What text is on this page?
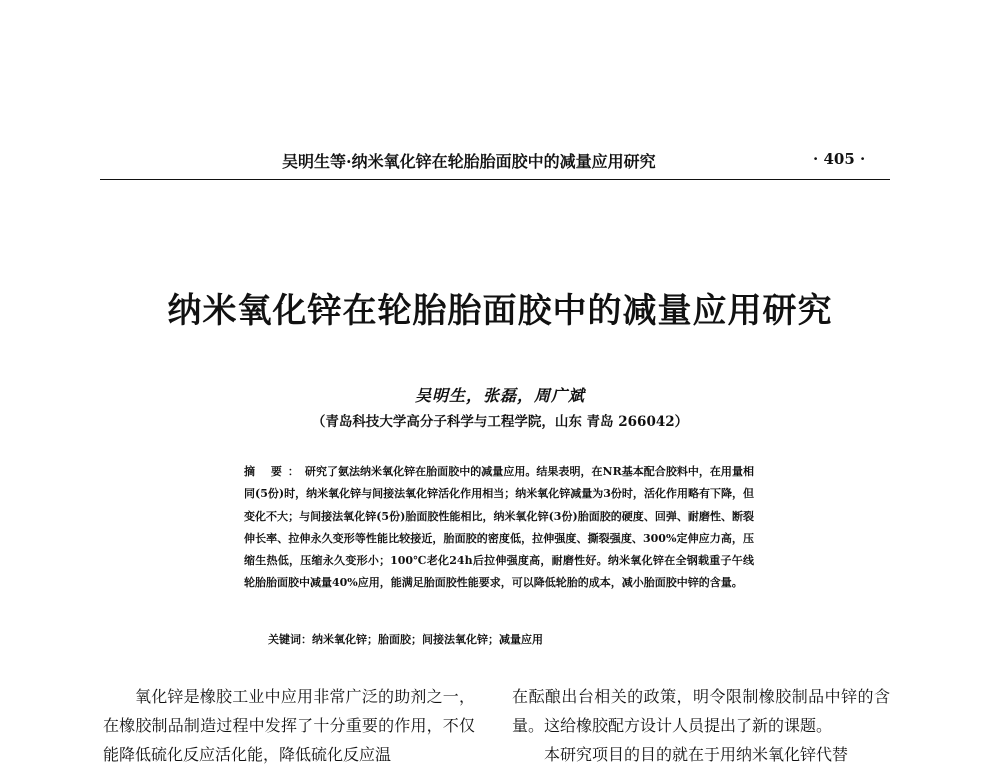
吴明生等·纳米氧化锌在轮胎胎面胶中的减量应用研究	· 405 ·
纳米氧化锌在轮胎胎面胶中的减量应用研究
吴明生，张磊，周广斌
（青岛科技大学高分子科学与工程学院，山东 青岛 266042）
摘 要：研究了氨法纳米氧化锌在胎面胶中的减量应用。结果表明，在NR基本配合胶料中，在用量相同(5份)时，纳米氧化锌与间接法氧化锌活化作用相当；纳米氧化锌减量为3份时，活化作用略有下降，但变化不大；与间接法氧化锌(5份)胎面胶性能相比，纳米氧化锌(3份)胎面胶的硬度、回弹、耐磨性、断裂伸长率、拉伸永久变形等性能比较接近，胎面胶的密度低，拉伸强度、撕裂强度、300%定伸应力高，压缩生热低，压缩永久变形小；100℃老化24h后拉伸强度高，耐磨性好。纳米氧化锌在全钢载重子午线轮胎胎面胶中减量40%应用，能满足胎面胶性能要求，可以降低轮胎的成本，减小胎面胶中锌的含量。
关键词：纳米氧化锌；胎面胶；间接法氧化锌；减量应用

氧化锌是橡胶工业中应用非常广泛的助剂之一，在橡胶制品制造过程中发挥了十分重要的作用，不仅能降低硫化反应活化能，降低硫化反应温

在酝酿出台相关的政策，明令限制橡胶制品中锌的含量。这给橡胶配方设计人员提出了新的课题。

本研究项目的目的就在于用纳米氧化锌代替
